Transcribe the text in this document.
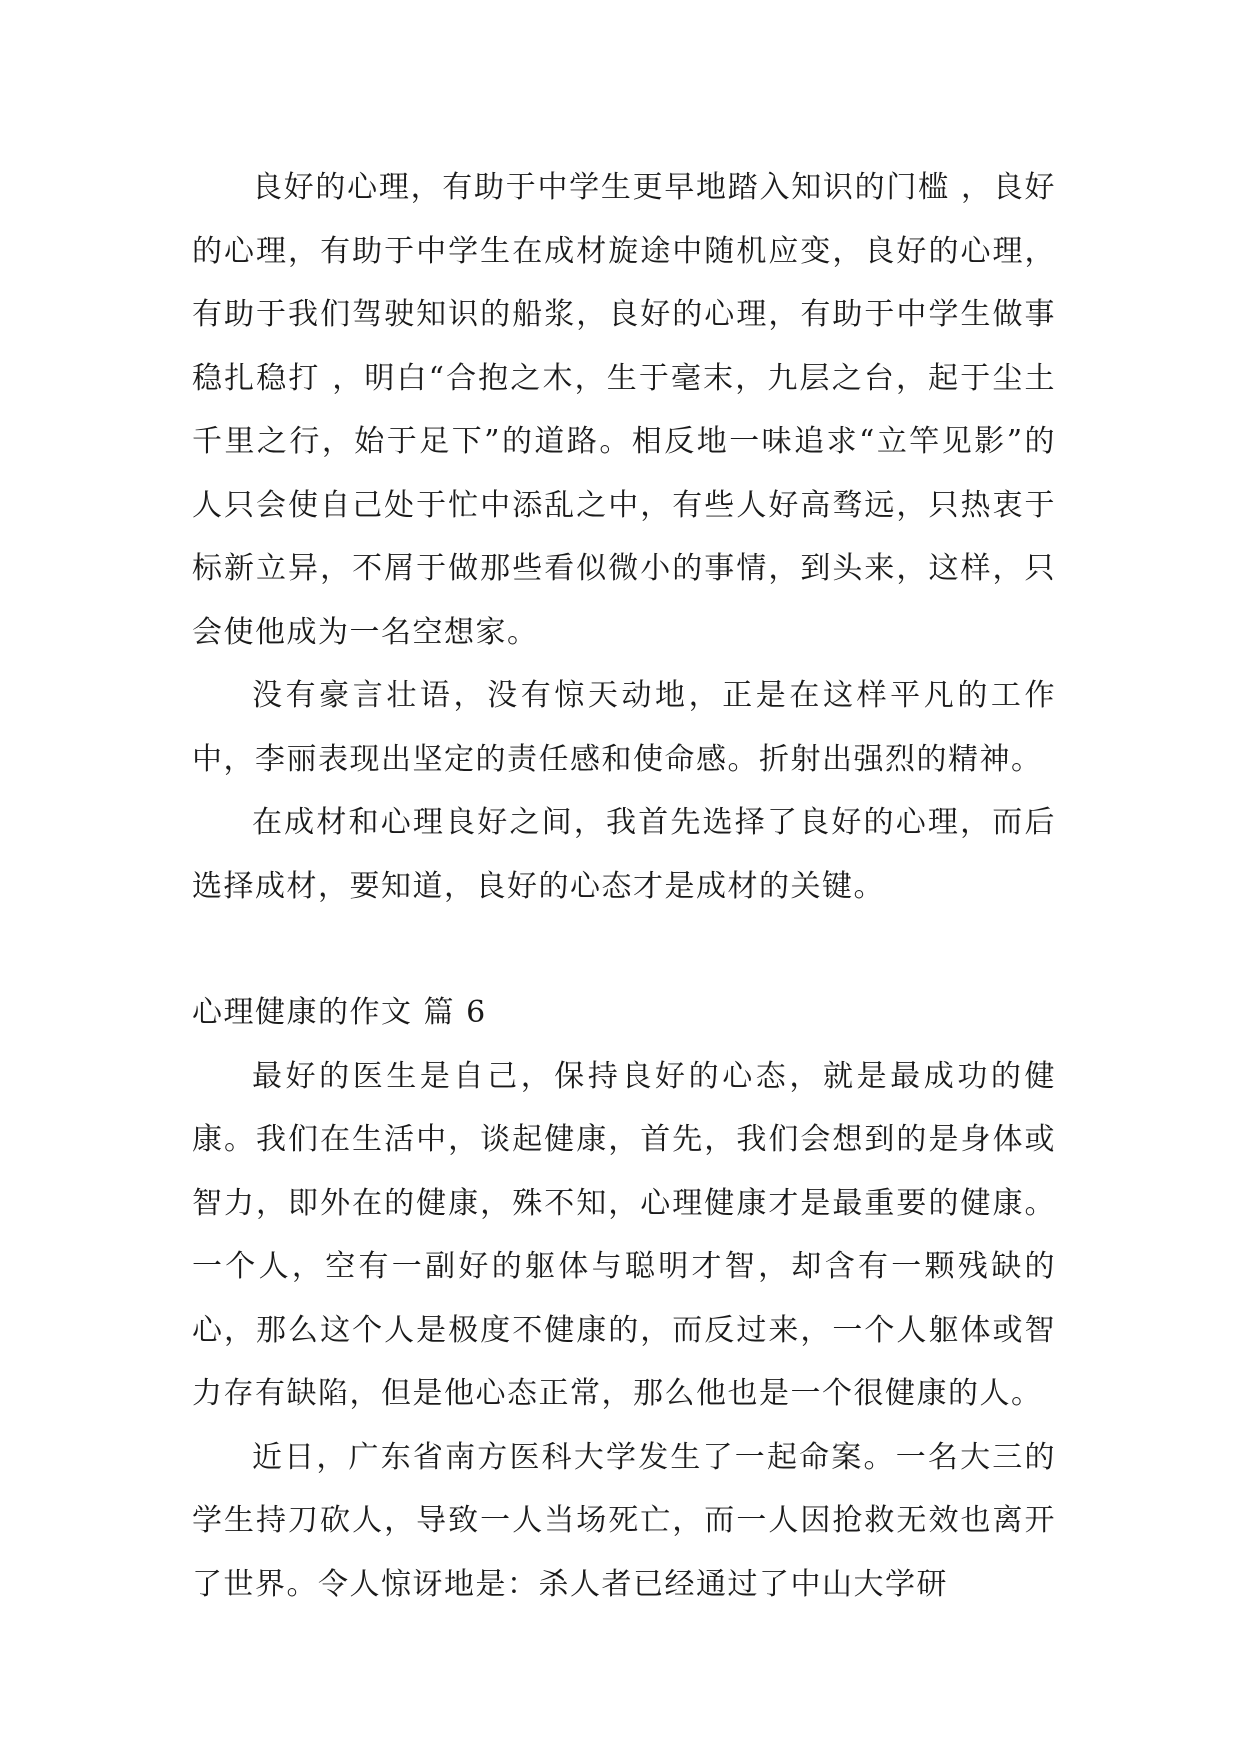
良好的心理，有助于中学生更早地踏入知识的门槛 ，良好的心理，有助于中学生在成材旋途中随机应变，良好的心理，有助于我们驾驶知识的船浆，良好的心理，有助于中学生做事稳扎稳打 ，明白“合抱之木，生于毫末，九层之台，起于尘土千里之行，始于足下”的道路。相反地一味追求“立竿见影”的人只会使自己处于忙中添乱之中，有些人好高骛远，只热衷于标新立异，不屑于做那些看似微小的事情，到头来，这样，只会使他成为一名空想家。

没有豪言壮语，没有惊天动地，正是在这样平凡的工作中，李丽表现出坚定的责任感和使命感。折射出强烈的精神。

在成材和心理良好之间，我首先选择了良好的心理，而后选择成材，要知道，良好的心态才是成材的关键。

心理健康的作文 篇 6

最好的医生是自己，保持良好的心态，就是最成功的健康。我们在生活中，谈起健康，首先，我们会想到的是身体或智力，即外在的健康，殊不知，心理健康才是最重要的健康。一个人，空有一副好的躯体与聪明才智，却含有一颗残缺的心，那么这个人是极度不健康的，而反过来，一个人躯体或智力存有缺陷，但是他心态正常，那么他也是一个很健康的人。

近日，广东省南方医科大学发生了一起命案。一名大三的学生持刀砍人，导致一人当场死亡，而一人因抢救无效也离开了世界。令人惊讶地是：杀人者已经通过了中山大学研
